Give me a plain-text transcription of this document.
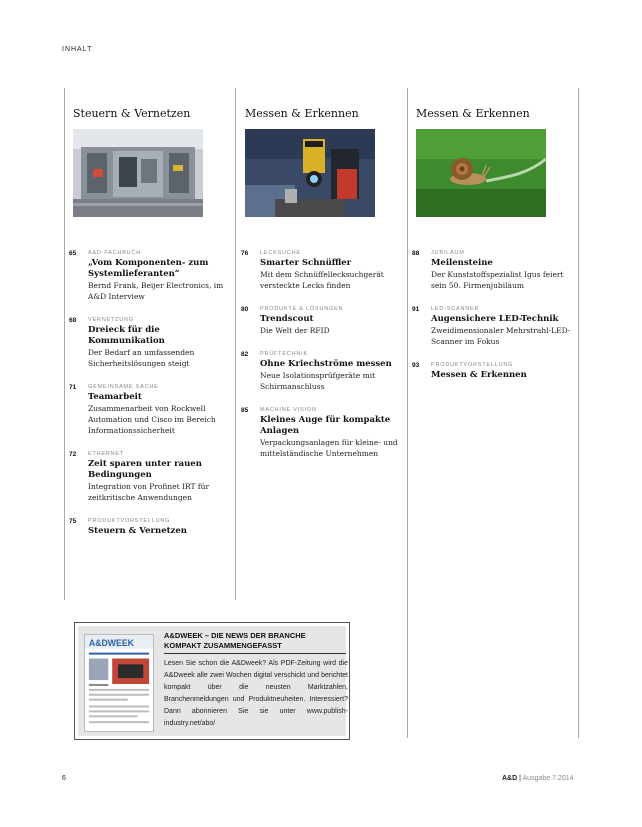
INHALT
Steuern & Vernetzen
65 A&D-FACHBUCH
„Vom Komponenten- zum Systemlieferanten“
Bernd Frank, Beijer Electronics, im A&D Interview
68 VERNETZUNG
Dreieck für die Kommunikation
Der Bedarf an umfassenden Sicherheitslösungen steigt
71 GEMEINSAME SACHE
Teamarbeit
Zusammenarbeit von Rockwell Automation und Cisco im Bereich Informationssicherheit
72 ETHERNET
Zeit sparen unter rauen Bedingungen
Integration von Profinet IRT für zeitkritische Anwendungen
75 PRODUKTVORSTELLUNG
Steuern & Vernetzen
Messen & Erkennen
76 LECKSUCHE
Smarter Schnüffler
Mit dem Schnüffellecksuchgerät versteckte Lecks finden
80 PRODUKTE & LÖSUNGEN
Trendscout
Die Welt der RFID
82 PRÜFTECHNIK
Ohne Kriechströme messen
Neue Isolationsprüfgeräte mit Schirmanschluss
85 MACHINE VISION
Kleines Auge für kompakte Anlagen
Verpackungsanlagen für kleine- und mittelständische Unternehmen
Messen & Erkennen
88 JUBILÄUM
Meilensteine
Der Kunststoffspezialist Igus feiert sein 50. Firmenjubiläum
91 LED-SCANNER
Augensichere LED-Technik
Zweidimensionaler Mehrstrahl-LED-Scanner im Fokus
93 PRODUKTVORSTELLUNG
Messen & Erkennen
A&DWEEK
A&DWEEK – DIE NEWS DER BRANCHE KOMPAKT ZUSAMMENGEFASST
Lesen Sie schon die A&Dweek? Als PDF-Zeitung wird die A&Dweek alle zwei Wochen digital verschickt und berichtet kompakt über die neusten Marktzahlen, Branchenmeldungen und Produktneuheiten. Interessiert? Dann abonnieren Sie sie unter www.publish-industry.net/abo/
6	A&D | Ausgabe 7.2014
